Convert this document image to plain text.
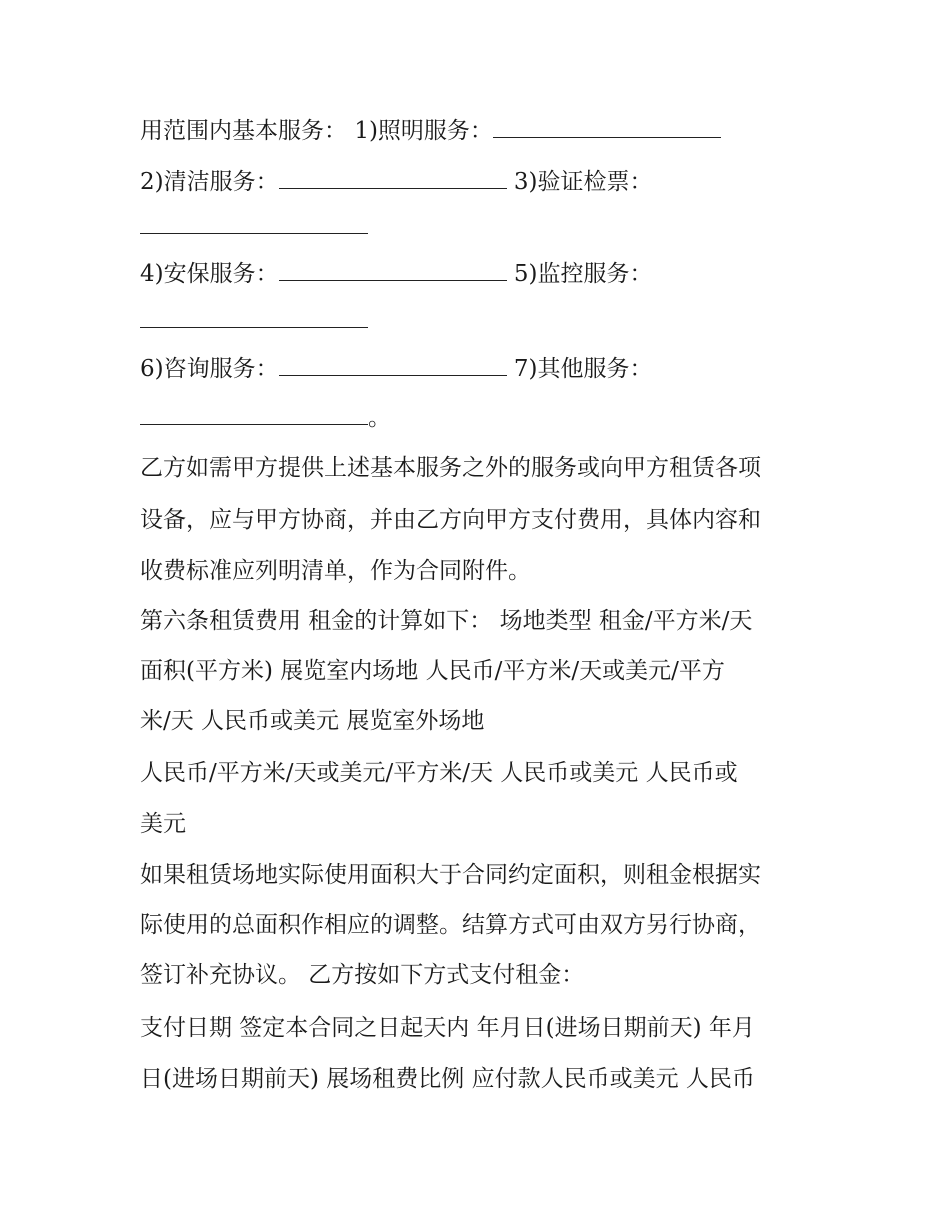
用范围内基本服务： 1)照明服务：
2)清洁服务：	3)验证检票：
4)安保服务：	5)监控服务：
6)咨询服务：	7)其他服务：
。
乙方如需甲方提供上述基本服务之外的服务或向甲方租赁各项
设备，应与甲方协商，并由乙方向甲方支付费用，具体内容和
收费标准应列明清单，作为合同附件。
第六条租赁费用 租金的计算如下： 场地类型 租金/平方米/天
面积(平方米) 展览室内场地 人民币/平方米/天或美元/平方
米/天 人民币或美元 展览室外场地
人民币/平方米/天或美元/平方米/天 人民币或美元 人民币或
美元
如果租赁场地实际使用面积大于合同约定面积，则租金根据实
际使用的总面积作相应的调整。结算方式可由双方另行协商，
签订补充协议。 乙方按如下方式支付租金：
支付日期 签定本合同之日起天内 年月日(进场日期前天) 年月
日(进场日期前天) 展场租费比例 应付款人民币或美元 人民币
